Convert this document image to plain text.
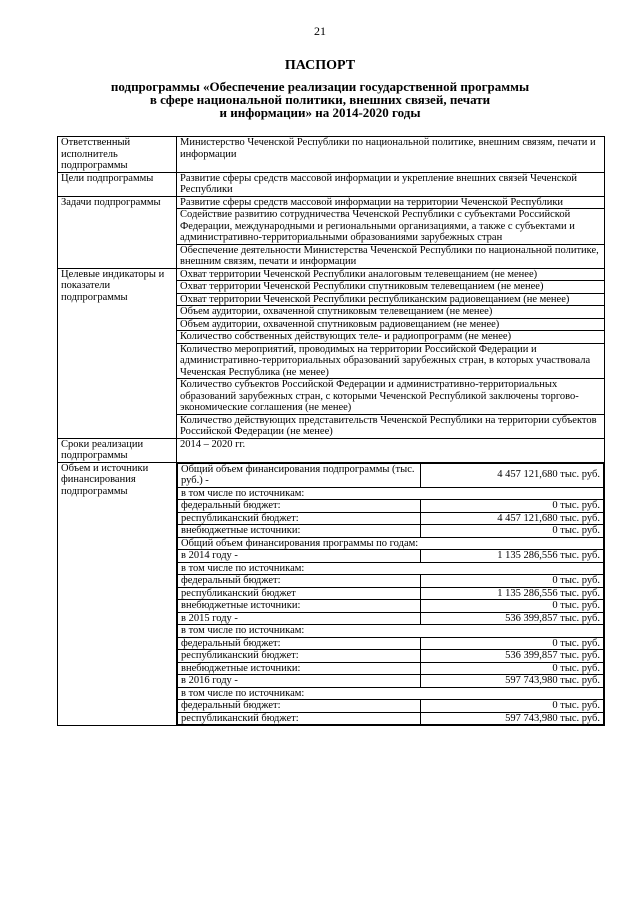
21
ПАСПОРТ
подпрограммы «Обеспечение реализации государственной программы
в сфере национальной политики, внешних связей, печати
и информации» на 2014-2020 годы
Ответственный исполнитель подпрограммы	Министерство Чеченской Республики по национальной политике, внешним связям, печати и информации
Цели подпрограммы	Развитие сферы средств массовой информации и укрепление внешних связей Чеченской Республики
Задачи подпрограммы	Развитие сферы средств массовой информации на территории Чеченской Республики
Содействие развитию сотрудничества Чеченской Республики с субъектами Российской Федерации, международными и региональными организациями, а также с субъектами и административно-территориальными образованиями зарубежных стран
Обеспечение деятельности Министерства Чеченской Республики по национальной политике, внешним связям, печати и информации
Целевые индикаторы и показатели подпрограммы	Охват территории Чеченской Республики аналоговым телевещанием (не менее)
Охват территории Чеченской Республики спутниковым телевещанием (не менее)
Охват территории Чеченской Республики республиканским радиовещанием (не менее)
Объем аудитории, охваченной спутниковым телевещанием (не менее)
Объем аудитории, охваченной спутниковым радиовещанием (не менее)
Количество собственных действующих теле- и радиопрограмм (не менее)
Количество мероприятий, проводимых на территории Российской Федерации и административно-территориальных образований зарубежных стран, в которых участвовала Чеченская Республика (не менее)
Количество субъектов Российской Федерации и административно-территориальных образований зарубежных стран, с которыми Чеченской Республикой заключены торгово-экономические соглашения (не менее)
Количество действующих представительств Чеченской Республики на территории субъектов Российской Федерации (не менее)
Сроки реализации подпрограммы	2014 – 2020 гг.
Объем и источники финансирования подпрограммы	
Общий объем финансирования подпрограммы (тыс. руб.) -	4 457 121,680 тыс. руб.
в том числе по источникам:
федеральный бюджет:	0 тыс. руб.
республиканский бюджет:	4 457 121,680 тыс. руб.
внебюджетные источники:	0 тыс. руб.
Общий объем финансирования программы по годам:
в 2014 году -	1 135 286,556 тыс. руб.
в том числе по источникам:
федеральный бюджет:	0 тыс. руб.
республиканский бюджет	1 135 286,556 тыс. руб.
внебюджетные источники:	0 тыс. руб.
в 2015 году -	536 399,857 тыс. руб.
в том числе по источникам:
федеральный бюджет:	0 тыс. руб.
республиканский бюджет:	536 399,857 тыс. руб.
внебюджетные источники:	0 тыс. руб.
в 2016 году -	597 743,980 тыс. руб.
в том числе по источникам:
федеральный бюджет:	0 тыс. руб.
республиканский бюджет:	597 743,980 тыс. руб.
